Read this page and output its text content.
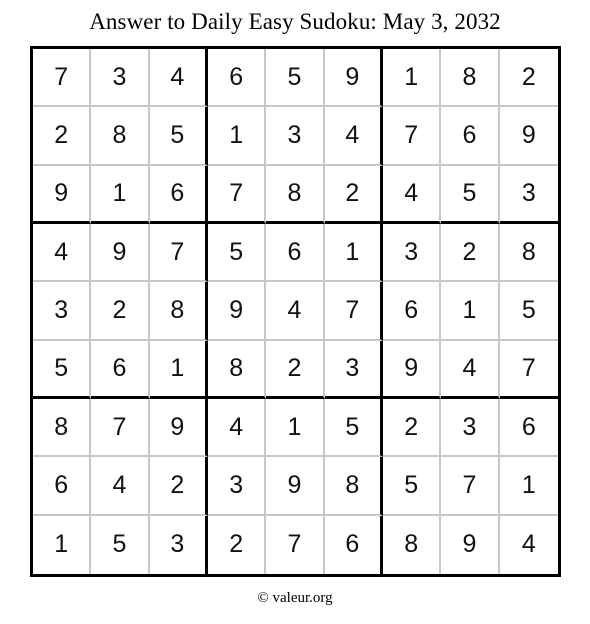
Answer to Daily Easy Sudoku: May 3, 2032
7	3	4	6	5	9	1	8	2
2	8	5	1	3	4	7	6	9
9	1	6	7	8	2	4	5	3
4	9	7	5	6	1	3	2	8
3	2	8	9	4	7	6	1	5
5	6	1	8	2	3	9	4	7
8	7	9	4	1	5	2	3	6
6	4	2	3	9	8	5	7	1
1	5	3	2	7	6	8	9	4
© valeur.org
